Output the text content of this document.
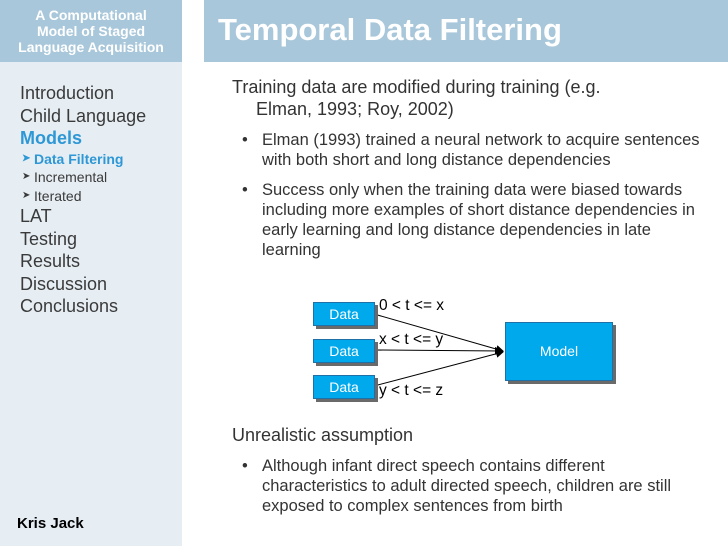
A Computational
Model of Staged
Language Acquisition	Temporal Data Filtering
Introduction
Child Language
Models
➤ Data Filtering
➤ Incremental
➤ Iterated
LAT
Testing
Results
Discussion
Conclusions
Kris Jack
Training data are modified during training (e.g.
Elman, 1993; Roy, 2002)
• Elman (1993) trained a neural network to acquire sentences with both short and long distance dependencies
• Success only when the training data were biased towards including more examples of short distance dependencies in early learning and long distance dependencies in late learning
Data
Data
Data
Model
0 < t <= x
x < t <= y
y < t <= z
Unrealistic assumption
• Although infant direct speech contains different characteristics to adult directed speech, children are still exposed to complex sentences from birth
